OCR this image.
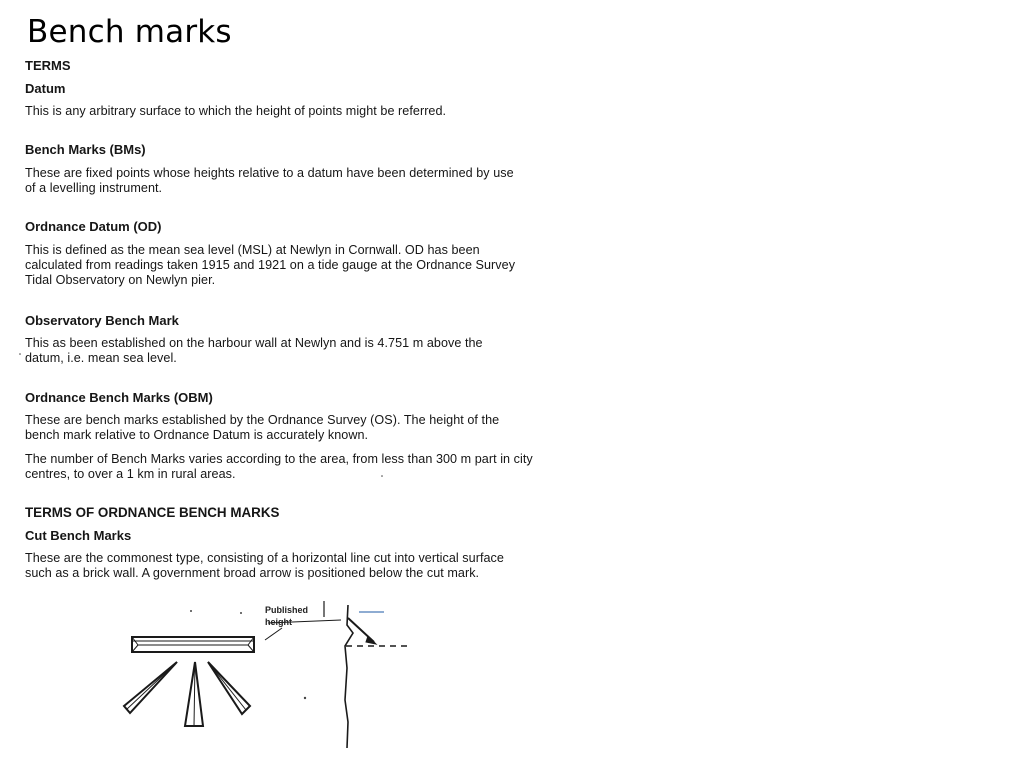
Bench marks
TERMS
Datum
This is any arbitrary surface to which the height of points might be referred.
Bench Marks (BMs)
These are fixed points whose heights relative to a datum have been determined by use of a levelling instrument.
Ordnance Datum (OD)
This is defined as the mean sea level (MSL) at Newlyn in Cornwall. OD has been calculated from readings taken 1915 and 1921 on a tide gauge at the Ordnance Survey Tidal Observatory on Newlyn pier.
Observatory Bench Mark
This as been established on the harbour wall at Newlyn and is 4.751 m above the datum, i.e. mean sea level.
Ordnance Bench Marks (OBM)
These are bench marks established by the Ordnance Survey (OS). The height of the bench mark relative to Ordnance Datum is accurately known.
The number of Bench Marks varies according to the area, from less than 300 m part in city centres, to over a 1 km in rural areas.
TERMS OF ORDNANCE BENCH MARKS
Cut Bench Marks
These are the commonest type, consisting of a horizontal line cut into vertical surface such as a brick wall. A government broad arrow is positioned below the cut mark.
Published height
